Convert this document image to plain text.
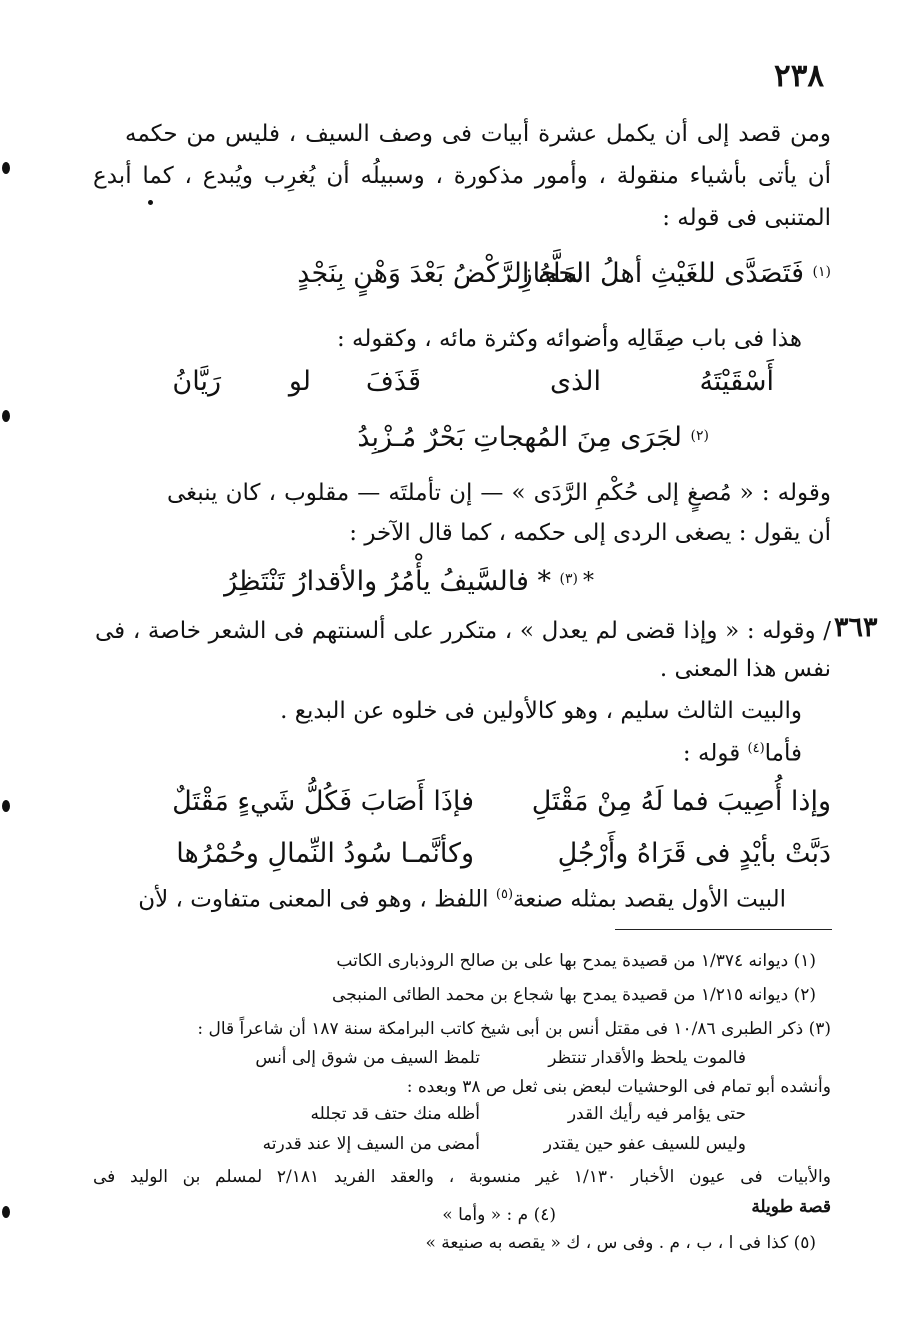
٢٣٨
ومن قصد إلى أن يكمل عشرة أبيات فى وصف السيف ، فليس من حكمه
أن يأتى بأشياء منقولة ، وأمور مذكورة ، وسبيلُه أن يُغرِب ويُبدع ، كما أبدع
المتنبى فى قوله :
سَلَّهُ الرَّكْضُ بَعْدَ وَهْنٍ بِنَجْدٍ
فَتَصَدَّى للغَيْثِ أهلُ الحجازِ (١)
هذا فى باب صِقَالِه وأضوائه وكثرة مائه ، وكقوله :
رَيَّانُ	لو قَذَفَ	الذى	أَسْقَيْتَهُ
لجَرَى مِنَ المُهجاتِ بَحْرٌ مُـزْبِدُ (٢)
وقوله : « مُصغٍ إلى حُكْمِ الرَّدَى » — إن تأملتَه — مقلوب ، كان ينبغى
أن يقول : يصغى الردى إلى حكمه ، كما قال الآخر :
* فالسَّيفُ يأْمُرُ والأقدارُ تَنْتَظِرُ (٣) *
٣٦٣
/ وقوله : « وإذا قضى لم يعدل » ، متكرر على ألسنتهم فى الشعر خاصة ، فى
نفس هذا المعنى .
والبيت الثالث سليم ، وهو كالأولين فى خلوه عن البديع .
فأما$^{(٤)}$ قوله :
فإذَا أَصَابَ فَكُلُّ شَيءٍ مَقْتَلٌ وإذا أُصِيبَ فما لَهُ مِنْ مَقْتَلِ
وكأنَّمـا سُودُ النِّمالِ وحُمْرُها	دَبَّتْ بأيْدٍ فى قَرَاهُ وأَرْجُلِ
البيت الأول يقصد بمثله صنعة$^{(٥)}$ اللفظ ، وهو فى المعنى متفاوت ، لأن
(١) ديوانه ١/٣٧٤ من قصيدة يمدح بها على بن صالح الروذبارى الكاتب
(٢) ديوانه ١/٢١٥ من قصيدة يمدح بها شجاع بن محمد الطائى المنبجى
(٣) ذكر الطبرى ١٠/٨٦ فى مقتل أنس بن أبى شيخ كاتب البرامكة سنة ١٨٧ أن شاعراً قال :
تلمظ السيف من شوق إلى أنس	فالموت يلحظ والأقدار تنتظر
وأنشده أبو تمام فى الوحشيات لبعض بنى ثعل ص ٣٨ وبعده :
أظله منك حتف قد تجلله	حتى يؤامر فيه رأيك القدر
أمضى من السيف إلا عند قدرته	وليس للسيف عفو حين يقتدر
والأبيات فى عيون الأخبار ١/١٣٠ غير منسوبة ، والعقد الفريد ٢/١٨١ لمسلم بن الوليد فى
قصة طويلة
(٤) م : « وأما »
(٥) كذا فى ا ، ب ، م . وفى س ، ك « يقصه به صنيعة »
